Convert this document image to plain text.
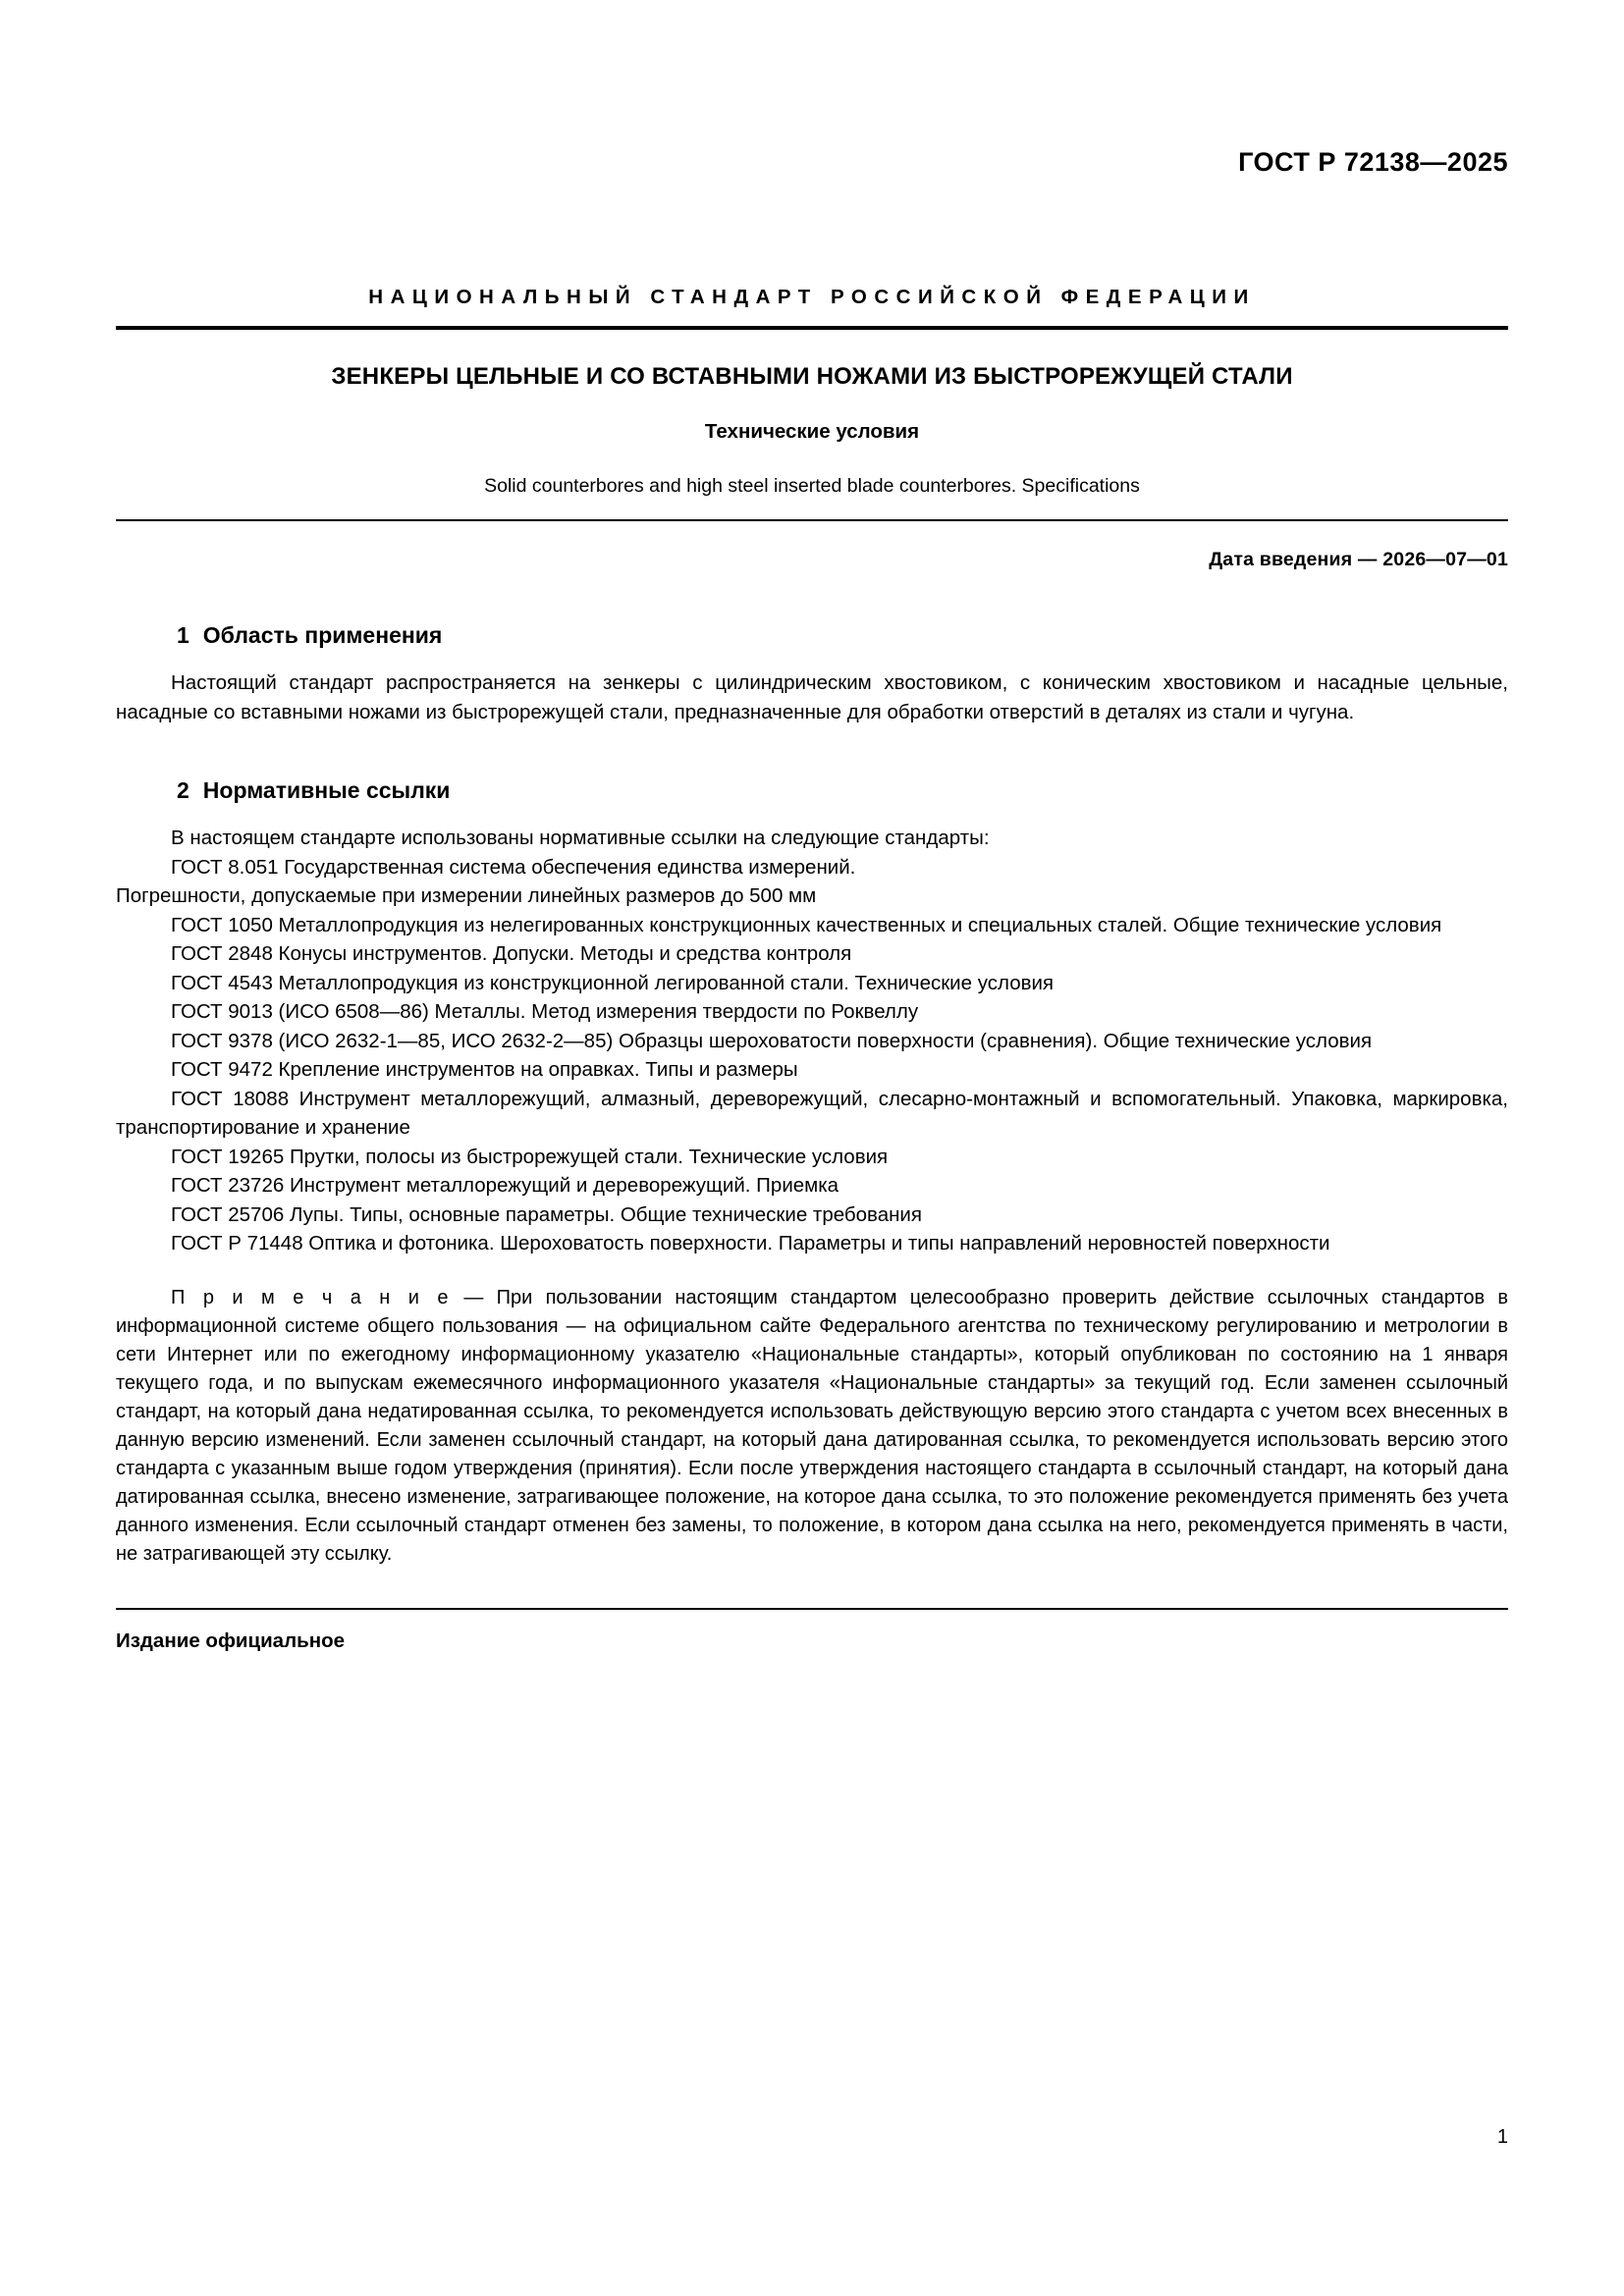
ГОСТ Р 72138—2025
НАЦИОНАЛЬНЫЙ СТАНДАРТ РОССИЙСКОЙ ФЕДЕРАЦИИ
ЗЕНКЕРЫ ЦЕЛЬНЫЕ И СО ВСТАВНЫМИ НОЖАМИ ИЗ БЫСТРОРЕЖУЩЕЙ СТАЛИ
Технические условия
Solid counterbores and high steel inserted blade counterbores. Specifications
Дата введения — 2026—07—01
1 Область применения

Настоящий стандарт распространяется на зенкеры с цилиндрическим хвостовиком, с коническим хвостовиком и насадные цельные, насадные со вставными ножами из быстрорежущей стали, предназначенные для обработки отверстий в деталях из стали и чугуна.

2 Нормативные ссылки

В настоящем стандарте использованы нормативные ссылки на следующие стандарты:

ГОСТ 8.051 Государственная система обеспечения единства измерений.

Погрешности, допускаемые при измерении линейных размеров до 500 мм

ГОСТ 1050 Металлопродукция из нелегированных конструкционных качественных и специальных сталей. Общие технические условия

ГОСТ 2848 Конусы инструментов. Допуски. Методы и средства контроля

ГОСТ 4543 Металлопродукция из конструкционной легированной стали. Технические условия

ГОСТ 9013 (ИСО 6508—86) Металлы. Метод измерения твердости по Роквеллу

ГОСТ 9378 (ИСО 2632-1—85, ИСО 2632-2—85) Образцы шероховатости поверхности (сравнения). Общие технические условия

ГОСТ 9472 Крепление инструментов на оправках. Типы и размеры

ГОСТ 18088 Инструмент металлорежущий, алмазный, дереворежущий, слесарно-монтажный и вспомогательный. Упаковка, маркировка, транспортирование и хранение

ГОСТ 19265 Прутки, полосы из быстрорежущей стали. Технические условия

ГОСТ 23726 Инструмент металлорежущий и дереворежущий. Приемка

ГОСТ 25706 Лупы. Типы, основные параметры. Общие технические требования

ГОСТ Р 71448 Оптика и фотоника. Шероховатость поверхности. Параметры и типы направлений неровностей поверхности

П р и м е ч а н и е — При пользовании настоящим стандартом целесообразно проверить действие ссылочных стандартов в информационной системе общего пользования — на официальном сайте Федерального агентства по техническому регулированию и метрологии в сети Интернет или по ежегодному информационному указателю «Национальные стандарты», который опубликован по состоянию на 1 января текущего года, и по выпускам ежемесячного информационного указателя «Национальные стандарты» за текущий год. Если заменен ссылочный стандарт, на который дана недатированная ссылка, то рекомендуется использовать действующую версию этого стандарта с учетом всех внесенных в данную версию изменений. Если заменен ссылочный стандарт, на который дана датированная ссылка, то рекомендуется использовать версию этого стандарта с указанным выше годом утверждения (принятия). Если после утверждения настоящего стандарта в ссылочный стандарт, на который дана датированная ссылка, внесено изменение, затрагивающее положение, на которое дана ссылка, то это положение рекомендуется применять без учета данного изменения. Если ссылочный стандарт отменен без замены, то положение, в котором дана ссылка на него, рекомендуется применять в части, не затрагивающей эту ссылку.
Издание официальное
1
